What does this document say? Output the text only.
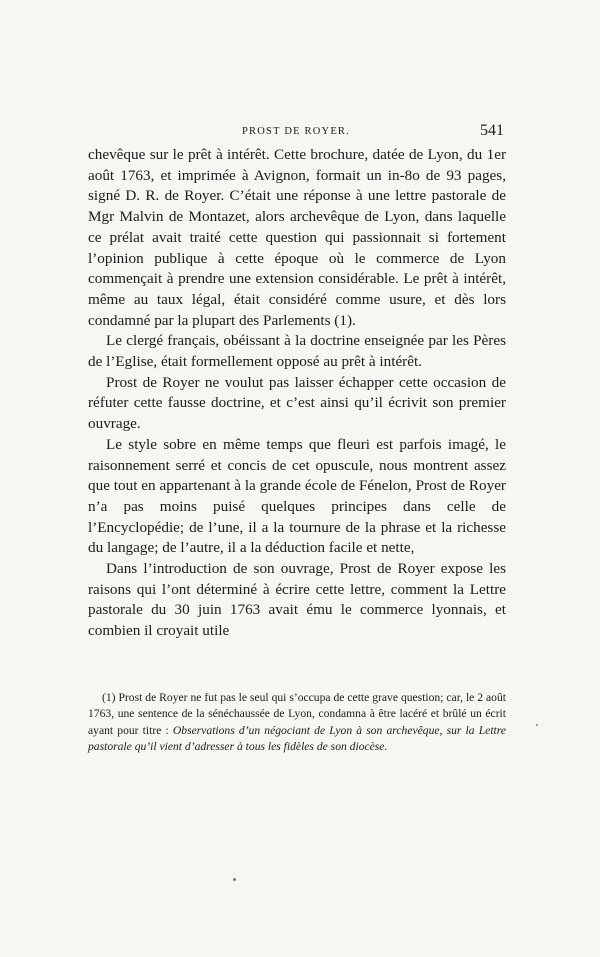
PROST DE ROYER.	541

chevêque sur le prêt à intérêt. Cette brochure, datée de Lyon, du 1er août 1763, et imprimée à Avignon, formait un in-8o de 93 pages, signé D. R. de Royer. C’était une réponse à une lettre pastorale de Mgr Malvin de Montazet, alors archevêque de Lyon, dans laquelle ce prélat avait traité cette question qui passionnait si fortement l’opinion publique à cette époque où le commerce de Lyon commençait à prendre une extension considérable. Le prêt à intérêt, même au taux légal, était considéré comme usure, et dès lors condamné par la plupart des Parlements (1).

Le clergé français, obéissant à la doctrine enseignée par les Pères de l’Eglise, était formellement opposé au prêt à intérêt.

Prost de Royer ne voulut pas laisser échapper cette occasion de réfuter cette fausse doctrine, et c’est ainsi qu’il écrivit son premier ouvrage.

Le style sobre en même temps que fleuri est parfois imagé, le raisonnement serré et concis de cet opuscule, nous montrent assez que tout en appartenant à la grande école de Fénelon, Prost de Royer n’a pas moins puisé quelques principes dans celle de l’Encyclopédie; de l’une, il a la tournure de la phrase et la richesse du langage; de l’autre, il a la déduction facile et nette,

Dans l’introduction de son ouvrage, Prost de Royer expose les raisons qui l’ont déterminé à écrire cette lettre, comment la Lettre pastorale du 30 juin 1763 avait ému le commerce lyonnais, et combien il croyait utile

(1) Prost de Royer ne fut pas le seul qui s’occupa de cette grave question; car, le 2 août 1763, une sentence de la sénéchaussée de Lyon, condamna à être lacéré et brûlé un écrit ayant pour titre : Observations d’un négociant de Lyon à son archevêque, sur la Lettre pastorale qu’il vient d’adresser à tous les fidèles de son diocèse.
